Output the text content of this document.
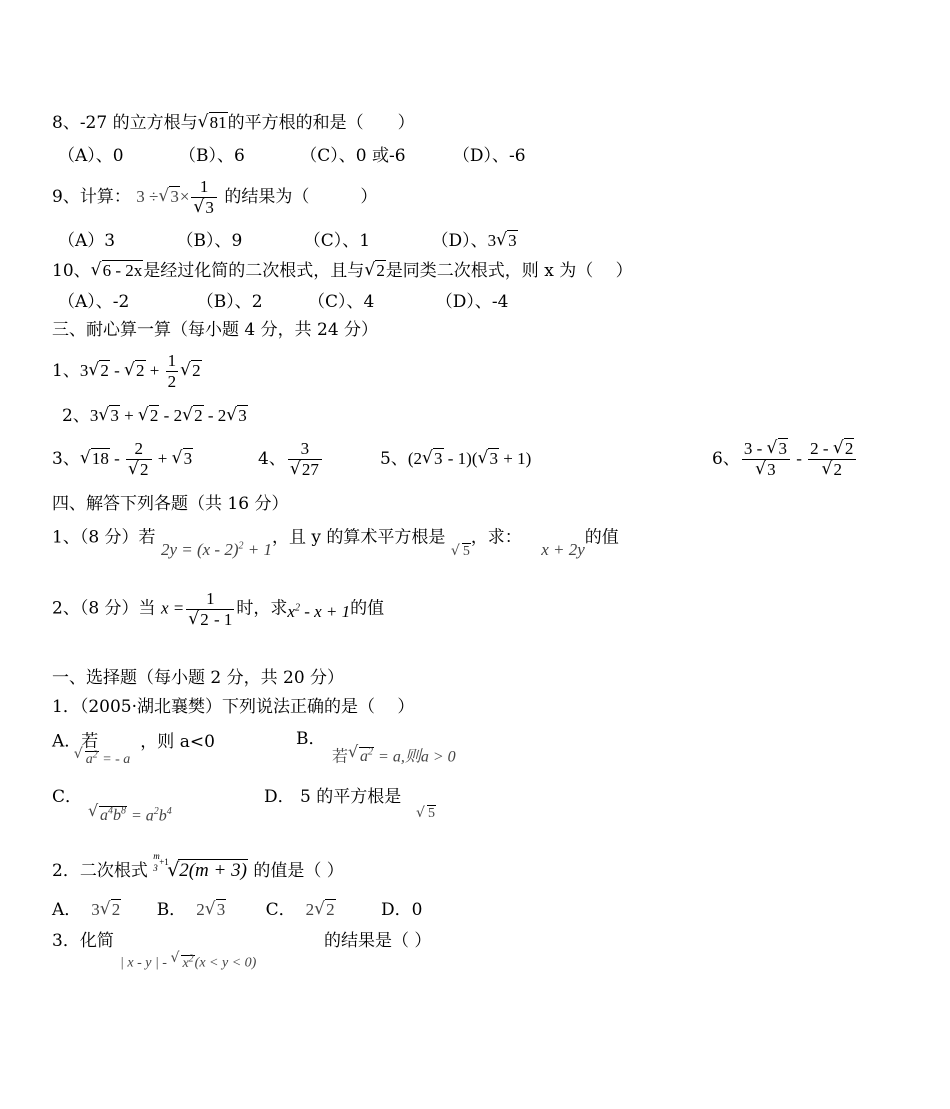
8、-27 的立方根与 √ 81的平方根的和是（　　）
（A）、0	（B）、6	（C）、0 或-6	（D）、-6
9、计算： 3 ÷ √ 3× 1
√ 3 的结果为（　　　）
（A）3	（B）、9	（C）、1	（D）、3 √ 3
10、 √ 6 - 2x是经过化简的二次根式，且与 √ 2是同类二次根式，则 x 为（　 ）
（A）、-2	（B）、2	（C）、4	（D）、-4
三、耐心算一算（每小题 4 分，共 24 分）
1、3 √ 2 - √ $2 + \frac{1}{2}$ √ 2
2、3 √ 3 + √ 2 - 2 √ 2 - 2 √ 3
3、 √ 18 - 2
√ 2 + √ 3	4、 3
√ 27	5、(2 √ 3 - 1)( √ 3 + 1)	6、 3 - √ 3
√ 3 - 2 - √ 2
√ 2
四、解答下列各题（共 16 分）
1、（8 分）若 2y = (x - 2)$^2$ + 1，且 y 的算术平方根是 √ 5，求： x + 2y的值
2、（8 分）当 x = 1
√ 2 - 1 时，求$x^2 - x + 1$的值
一、选择题（每小题 2 分，共 20 分）
1．（2005·湖北襄樊）下列说法正确的是（　 ）
A．若 √ $_{a^2 = - a}$，则 a<0	B．
若 √ $a^2 = a$,则a > 0
C．
√ $a^4b^8 = a^2b^4$
D． 5 的平方根是
√ 5
2．二次根式
m
3
+1 √ 2(m + 3) 的值是（ ）
A． 3 √ 2 B． 2 √ 3 C． 2 √ 2	D．0
3．化简
| x - y | - √ $x^2(x < y < 0)$
的结果是（ ）
